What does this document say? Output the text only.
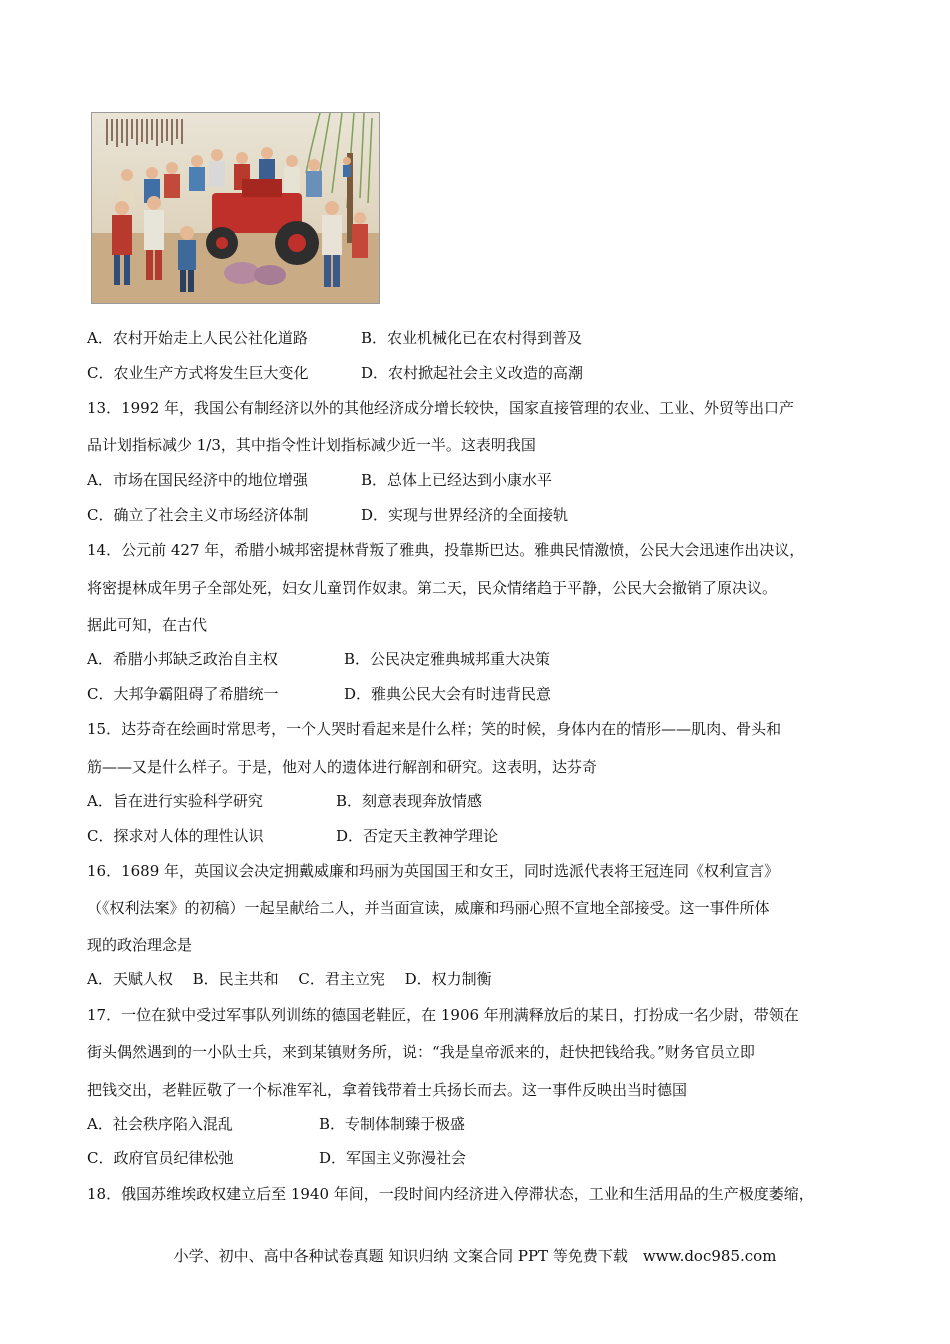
A．农村开始走上人民公社化道路	B．农业机械化已在农村得到普及
C．农业生产方式将发生巨大变化	D．农村掀起社会主义改造的高潮
13．1992 年，我国公有制经济以外的其他经济成分增长较快，国家直接管理的农业、工业、外贸等出口产
品计划指标减少 1/3，其中指令性计划指标减少近一半。这表明我国
A．市场在国民经济中的地位增强	B．总体上已经达到小康水平
C．确立了社会主义市场经济体制	D．实现与世界经济的全面接轨
14．公元前 427 年，希腊小城邦密提林背叛了雅典，投靠斯巴达。雅典民情激愤，公民大会迅速作出决议，
将密提林成年男子全部处死，妇女儿童罚作奴隶。第二天，民众情绪趋于平静，公民大会撤销了原决议。
据此可知，在古代
A．希腊小邦缺乏政治自主权	B．公民决定雅典城邦重大决策
C．大邦争霸阻碍了希腊统一	D．雅典公民大会有时违背民意
15．达芬奇在绘画时常思考，一个人哭时看起来是什么样；笑的时候，身体内在的情形——肌肉、骨头和
筋——又是什么样子。于是，他对人的遗体进行解剖和研究。这表明，达芬奇
A．旨在进行实验科学研究	B．刻意表现奔放情感
C．探求对人体的理性认识	D．否定天主教神学理论
16．1689 年，英国议会决定拥戴威廉和玛丽为英国国王和女王，同时选派代表将王冠连同《权利宣言》
（《权利法案》的初稿）一起呈献给二人，并当面宣读，威廉和玛丽心照不宣地全部接受。这一事件所体
现的政治理念是
A．天赋人权　 B．民主共和　 C．君主立宪　 D．权力制衡
17．一位在狱中受过军事队列训练的德国老鞋匠，在 1906 年刑满释放后的某日，打扮成一名少尉，带领在
街头偶然遇到的一小队士兵，来到某镇财务所，说：“我是皇帝派来的，赶快把钱给我。”财务官员立即
把钱交出，老鞋匠敬了一个标准军礼，拿着钱带着士兵扬长而去。这一事件反映出当时德国
A．社会秩序陷入混乱	B．专制体制臻于极盛
C．政府官员纪律松弛	D．军国主义弥漫社会
18．俄国苏维埃政权建立后至 1940 年间，一段时间内经济进入停滞状态，工业和生活用品的生产极度萎缩，
小学、初中、高中各种试卷真题 知识归纳 文案合同 PPT 等免费下载　www.doc985.com
